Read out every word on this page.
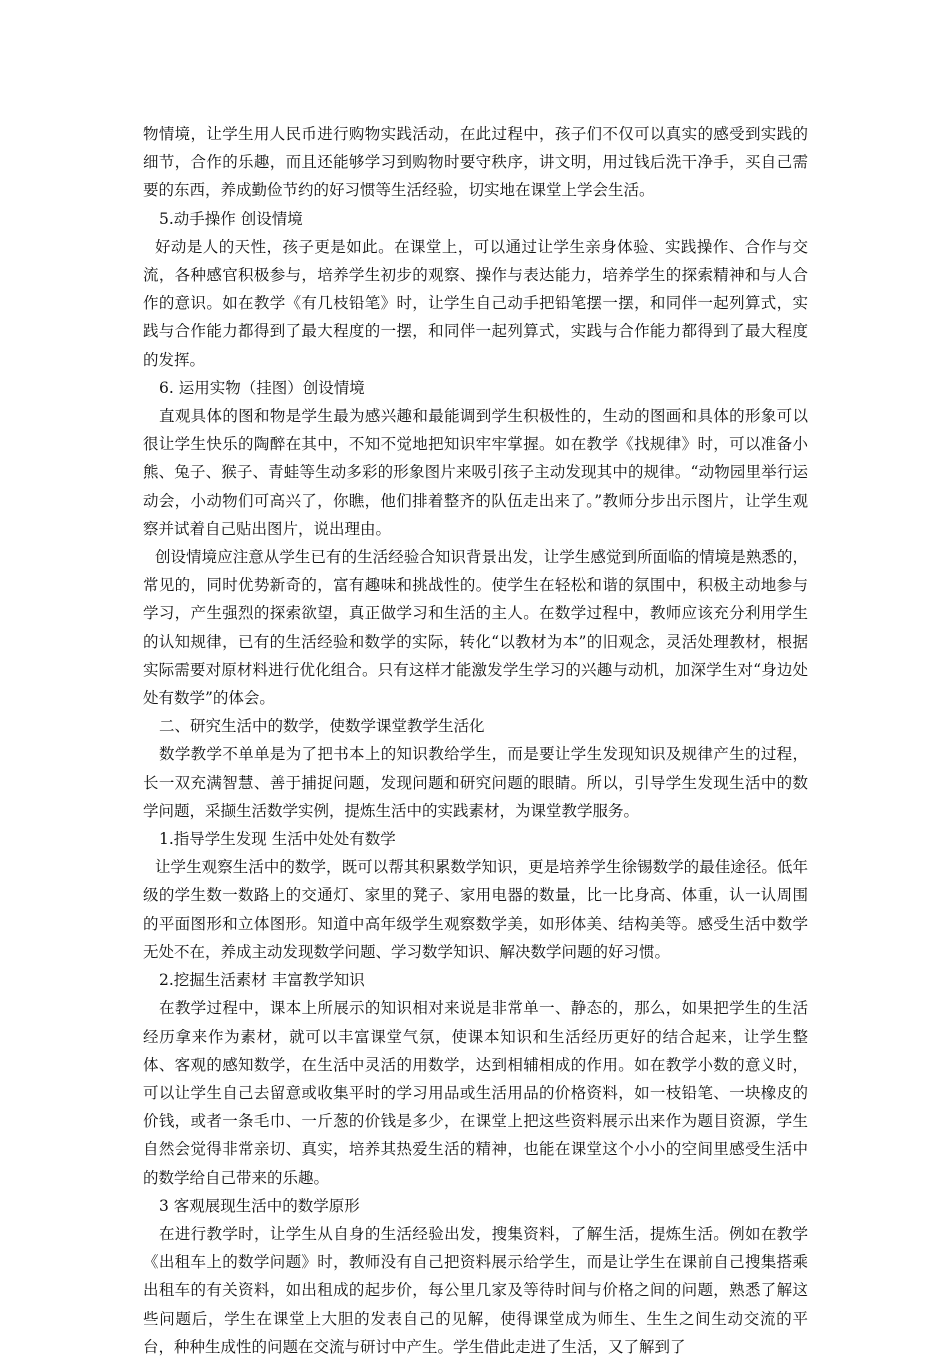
物情境，让学生用人民币进行购物实践活动，在此过程中，孩子们不仅可以真实的感受到实践的细节，合作的乐趣，而且还能够学习到购物时要守秩序，讲文明，用过钱后洗干净手，买自己需要的东西，养成勤俭节约的好习惯等生活经验，切实地在课堂上学会生活。

5.动手操作 创设情境

好动是人的天性，孩子更是如此。在课堂上，可以通过让学生亲身体验、实践操作、合作与交流，各种感官积极参与，培养学生初步的观察、操作与表达能力，培养学生的探索精神和与人合作的意识。如在教学《有几枝铅笔》时，让学生自己动手把铅笔摆一摆，和同伴一起列算式，实践与合作能力都得到了最大程度的一摆，和同伴一起列算式，实践与合作能力都得到了最大程度的发挥。

6. 运用实物（挂图）创设情境

直观具体的图和物是学生最为感兴趣和最能调到学生积极性的，生动的图画和具体的形象可以很让学生快乐的陶醉在其中，不知不觉地把知识牢牢掌握。如在教学《找规律》时，可以准备小熊、兔子、猴子、青蛙等生动多彩的形象图片来吸引孩子主动发现其中的规律。“动物园里举行运动会，小动物们可高兴了，你瞧，他们排着整齐的队伍走出来了。”教师分步出示图片，让学生观察并试着自己贴出图片，说出理由。

创设情境应注意从学生已有的生活经验合知识背景出发，让学生感觉到所面临的情境是熟悉的，常见的，同时优势新奇的，富有趣味和挑战性的。使学生在轻松和谐的氛围中，积极主动地参与学习，产生强烈的探索欲望，真正做学习和生活的主人。在数学过程中，教师应该充分利用学生的认知规律，已有的生活经验和数学的实际，转化“以教材为本”的旧观念，灵活处理教材，根据实际需要对原材料进行优化组合。只有这样才能激发学生学习的兴趣与动机，加深学生对“身边处处有数学”的体会。

二、研究生活中的数学，使数学课堂教学生活化

数学教学不单单是为了把书本上的知识教给学生，而是要让学生发现知识及规律产生的过程，长一双充满智慧、善于捕捉问题，发现问题和研究问题的眼睛。所以，引导学生发现生活中的数学问题，采撷生活数学实例，提炼生活中的实践素材，为课堂教学服务。

1.指导学生发现 生活中处处有数学

让学生观察生活中的数学，既可以帮其积累数学知识，更是培养学生徐锡数学的最佳途径。低年级的学生数一数路上的交通灯、家里的凳子、家用电器的数量，比一比身高、体重，认一认周围的平面图形和立体图形。知道中高年级学生观察数学美，如形体美、结构美等。感受生活中数学无处不在，养成主动发现数学问题、学习数学知识、解决数学问题的好习惯。

2.挖掘生活素材 丰富教学知识

在教学过程中，课本上所展示的知识相对来说是非常单一、静态的，那么，如果把学生的生活经历拿来作为素材，就可以丰富课堂气氛，使课本知识和生活经历更好的结合起来，让学生整体、客观的感知数学，在生活中灵活的用数学，达到相辅相成的作用。如在教学小数的意义时，可以让学生自己去留意或收集平时的学习用品或生活用品的价格资料，如一枝铅笔、一块橡皮的价钱，或者一条毛巾、一斤葱的价钱是多少，在课堂上把这些资料展示出来作为题目资源，学生自然会觉得非常亲切、真实，培养其热爱生活的精神，也能在课堂这个小小的空间里感受生活中的数学给自己带来的乐趣。

3 客观展现生活中的数学原形

在进行教学时，让学生从自身的生活经验出发，搜集资料，了解生活，提炼生活。例如在教学《出租车上的数学问题》时，教师没有自己把资料展示给学生，而是让学生在课前自己搜集搭乘出租车的有关资料，如出租成的起步价，每公里几家及等待时间与价格之间的问题，熟悉了解这些问题后，学生在课堂上大胆的发表自己的见解，使得课堂成为师生、生生之间生动交流的平台，种种生成性的问题在交流与研讨中产生。学生借此走进了生活，又了解到了
